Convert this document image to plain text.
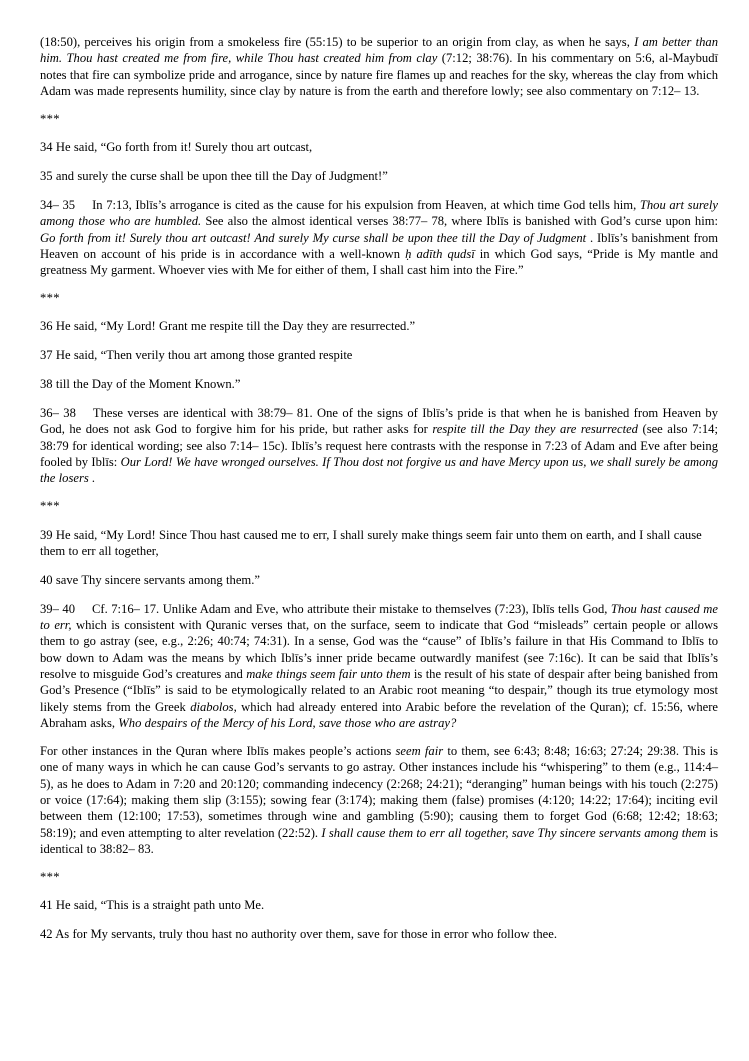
(18:50), perceives his origin from a smokeless fire (55:15) to be superior to an origin from clay, as when he says, I am better than him. Thou hast created me from fire, while Thou hast created him from clay (7:12; 38:76). In his commentary on 5:6, al-Maybudī notes that fire can symbolize pride and arrogance, since by nature fire flames up and reaches for the sky, whereas the clay from which Adam was made represents humility, since clay by nature is from the earth and therefore lowly; see also commentary on 7:12– 13.

***

34 He said, “Go forth from it! Surely thou art outcast,

35 and surely the curse shall be upon thee till the Day of Judgment!”

34– 35 In 7:13, Iblīs’s arrogance is cited as the cause for his expulsion from Heaven, at which time God tells him, Thou art surely among those who are humbled. See also the almost identical verses 38:77– 78, where Iblīs is banished with God’s curse upon him: Go forth from it! Surely thou art outcast! And surely My curse shall be upon thee till the Day of Judgment . Iblīs’s banishment from Heaven on account of his pride is in accordance with a well-known ḥ adīth qudsī in which God says, “Pride is My mantle and greatness My garment. Whoever vies with Me for either of them, I shall cast him into the Fire.”

***

36 He said, “My Lord! Grant me respite till the Day they are resurrected.”

37 He said, “Then verily thou art among those granted respite

38 till the Day of the Moment Known.”

36– 38 These verses are identical with 38:79– 81. One of the signs of Iblīs’s pride is that when he is banished from Heaven by God, he does not ask God to forgive him for his pride, but rather asks for respite till the Day they are resurrected (see also 7:14; 38:79 for identical wording; see also 7:14– 15c). Iblīs’s request here contrasts with the response in 7:23 of Adam and Eve after being fooled by Iblīs: Our Lord! We have wronged ourselves. If Thou dost not forgive us and have Mercy upon us, we shall surely be among the losers .

***

39 He said, “My Lord! Since Thou hast caused me to err, I shall surely make things seem fair unto them on earth, and I shall cause them to err all together,

40 save Thy sincere servants among them.”

39– 40 Cf. 7:16– 17. Unlike Adam and Eve, who attribute their mistake to themselves (7:23), Iblīs tells God, Thou hast caused me to err, which is consistent with Quranic verses that, on the surface, seem to indicate that God “misleads” certain people or allows them to go astray (see, e.g., 2:26; 40:74; 74:31). In a sense, God was the “cause” of Iblīs’s failure in that His Command to Iblīs to bow down to Adam was the means by which Iblīs’s inner pride became outwardly manifest (see 7:16c). It can be said that Iblīs’s resolve to misguide God’s creatures and make things seem fair unto them is the result of his state of despair after being banished from God’s Presence (“Iblīs” is said to be etymologically related to an Arabic root meaning “to despair,” though its true etymology most likely stems from the Greek diabolos, which had already entered into Arabic before the revelation of the Quran); cf. 15:56, where Abraham asks, Who despairs of the Mercy of his Lord, save those who are astray?

For other instances in the Quran where Iblīs makes people’s actions seem fair to them, see 6:43; 8:48; 16:63; 27:24; 29:38. This is one of many ways in which he can cause God’s servants to go astray. Other instances include his “whispering” to them (e.g., 114:4– 5), as he does to Adam in 7:20 and 20:120; commanding indecency (2:268; 24:21); “deranging” human beings with his touch (2:275) or voice (17:64); making them slip (3:155); sowing fear (3:174); making them (false) promises (4:120; 14:22; 17:64); inciting evil between them (12:100; 17:53), sometimes through wine and gambling (5:90); causing them to forget God (6:68; 12:42; 18:63; 58:19); and even attempting to alter revelation (22:52). I shall cause them to err all together, save Thy sincere servants among them is identical to 38:82– 83.

***

41 He said, “This is a straight path unto Me.

42 As for My servants, truly thou hast no authority over them, save for those in error who follow thee.
